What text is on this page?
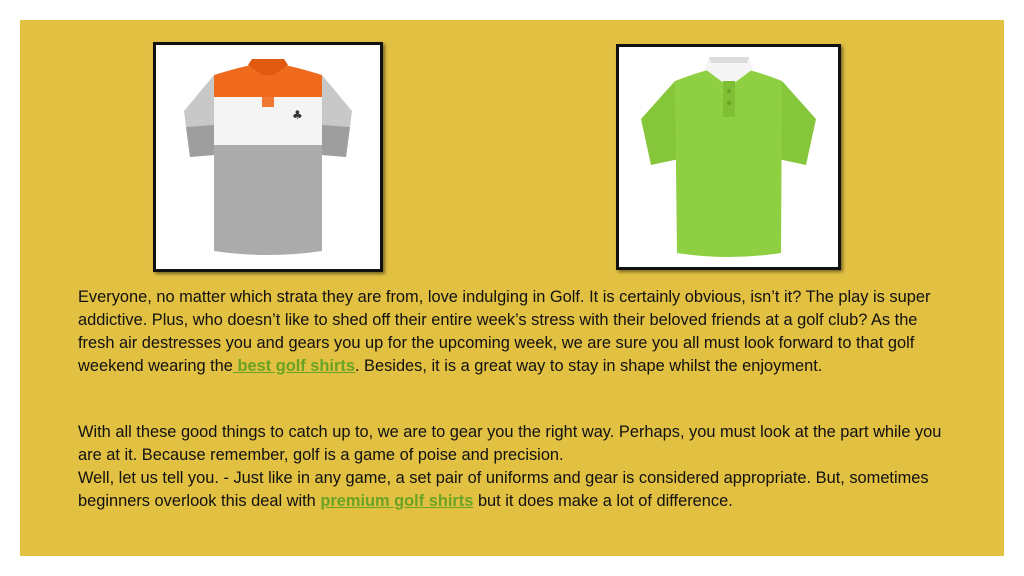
♣

Everyone, no matter which strata they are from, love indulging in Golf. It is certainly obvious, isn’t it? The play is super addictive. Plus, who doesn’t like to shed off their entire week’s stress with their beloved friends at a golf club? As the fresh air destresses you and gears you up for the upcoming week, we are sure you all must look forward to that golf weekend wearing the best golf shirts. Besides, it is a great way to stay in shape whilst the enjoyment.

With all these good things to catch up to, we are to gear you the right way. Perhaps, you must look at the part while you are at it. Because remember, golf is a game of poise and precision.

Well, let us tell you. - Just like in any game, a set pair of uniforms and gear is considered appropriate. But, sometimes beginners overlook this deal with premium golf shirts but it does make a lot of difference.
